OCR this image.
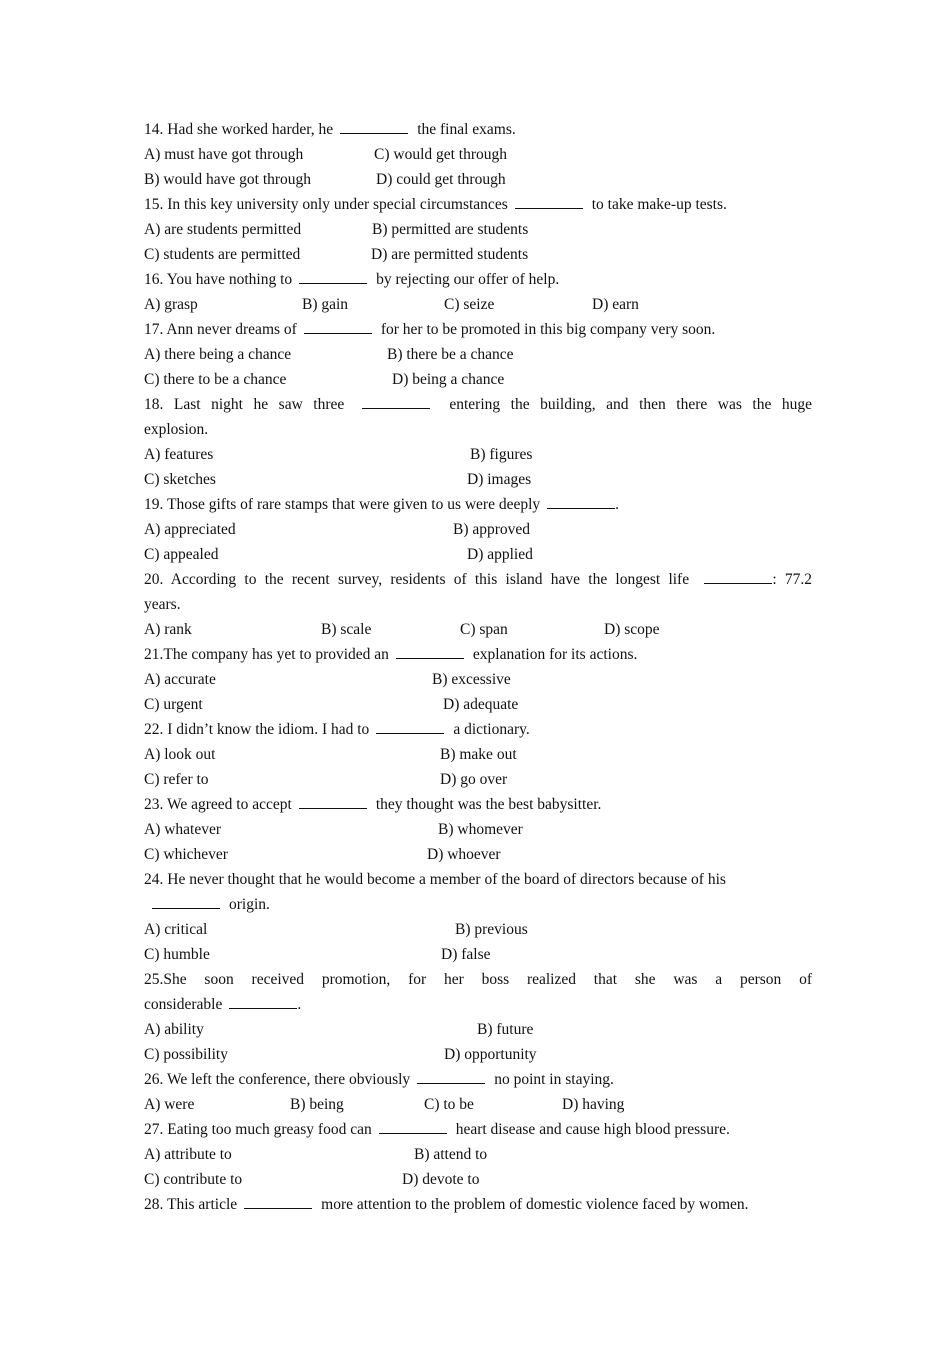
14. Had she worked harder, he	the final exams.
A) must have got through	C) would get through
B) would have got through	D) could get through
15. In this key university only under special circumstances	to take make-up tests.
A) are students permitted	B) permitted are students
C) students are permitted	D) are permitted students
16. You have nothing to	by rejecting our offer of help.
A) grasp	B) gain	C) seize	D) earn
17. Ann never dreams of	for her to be promoted in this big company very soon.
A) there being a chance	B) there be a chance
C) there to be a chance	D) being a chance
18. Last night he saw three	entering the building, and then there was the huge
explosion.
A) features	B) figures
C) sketches	D) images
19. Those gifts of rare stamps that were given to us were deeply	.
A) appreciated	B) approved
C) appealed	D) applied
20. According to the recent survey, residents of this island have the longest life	: 77.2
years.
A) rank	B) scale	C) span	D) scope
21.The company has yet to provided an	explanation for its actions.
A) accurate	B) excessive
C) urgent	D) adequate
22. I didn’t know the idiom. I had to	a dictionary.
A) look out	B) make out
C) refer to	D) go over
23. We agreed to accept	they thought was the best babysitter.
A) whatever	B) whomever
C) whichever	D) whoever
24. He never thought that he would become a member of the board of directors because of his
origin.
A) critical	B) previous
C) humble	D) false
25.She soon received promotion, for her boss realized that she was a person of
considerable	.
A) ability	B) future
C) possibility	D) opportunity
26. We left the conference, there obviously	no point in staying.
A) were	B) being	C) to be	D) having
27. Eating too much greasy food can	heart disease and cause high blood pressure.
A) attribute to	B) attend to
C) contribute to	D) devote to
28. This article	more attention to the problem of domestic violence faced by women.
